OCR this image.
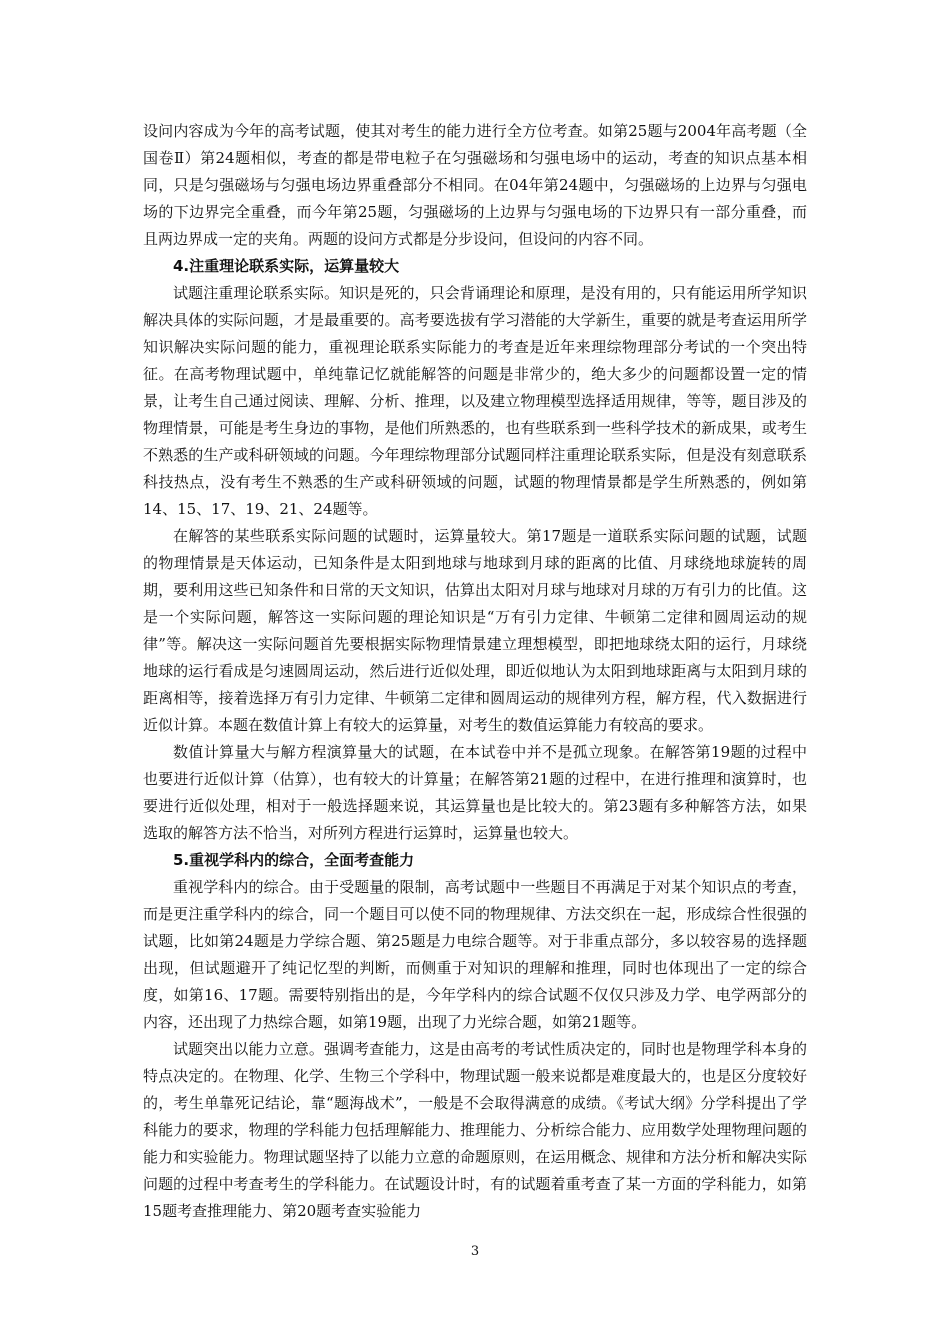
设问内容成为今年的高考试题，使其对考生的能力进行全方位考查。如第25题与2004年高考题（全国卷Ⅱ）第24题相似，考查的都是带电粒子在匀强磁场和匀强电场中的运动，考查的知识点基本相同，只是匀强磁场与匀强电场边界重叠部分不相同。在04年第24题中，匀强磁场的上边界与匀强电场的下边界完全重叠，而今年第25题，匀强磁场的上边界与匀强电场的下边界只有一部分重叠，而且两边界成一定的夹角。两题的设问方式都是分步设问，但设问的内容不同。

4.注重理论联系实际，运算量较大

试题注重理论联系实际。知识是死的，只会背诵理论和原理，是没有用的，只有能运用所学知识解决具体的实际问题，才是最重要的。高考要选拔有学习潜能的大学新生，重要的就是考查运用所学知识解决实际问题的能力，重视理论联系实际能力的考查是近年来理综物理部分考试的一个突出特征。在高考物理试题中，单纯靠记忆就能解答的问题是非常少的，绝大多少的问题都设置一定的情景，让考生自己通过阅读、理解、分析、推理，以及建立物理模型选择适用规律，等等，题目涉及的物理情景，可能是考生身边的事物，是他们所熟悉的，也有些联系到一些科学技术的新成果，或考生不熟悉的生产或科研领域的问题。今年理综物理部分试题同样注重理论联系实际，但是没有刻意联系科技热点，没有考生不熟悉的生产或科研领域的问题，试题的物理情景都是学生所熟悉的，例如第14、15、17、19、21、24题等。

在解答的某些联系实际问题的试题时，运算量较大。第17题是一道联系实际问题的试题，试题的物理情景是天体运动，已知条件是太阳到地球与地球到月球的距离的比值、月球绕地球旋转的周期，要利用这些已知条件和日常的天文知识，估算出太阳对月球与地球对月球的万有引力的比值。这是一个实际问题，解答这一实际问题的理论知识是“万有引力定律、牛顿第二定律和圆周运动的规律”等。解决这一实际问题首先要根据实际物理情景建立理想模型，即把地球绕太阳的运行，月球绕地球的运行看成是匀速圆周运动，然后进行近似处理，即近似地认为太阳到地球距离与太阳到月球的距离相等，接着选择万有引力定律、牛顿第二定律和圆周运动的规律列方程，解方程，代入数据进行近似计算。本题在数值计算上有较大的运算量，对考生的数值运算能力有较高的要求。

数值计算量大与解方程演算量大的试题，在本试卷中并不是孤立现象。在解答第19题的过程中也要进行近似计算（估算），也有较大的计算量；在解答第21题的过程中，在进行推理和演算时，也要进行近似处理，相对于一般选择题来说，其运算量也是比较大的。第23题有多种解答方法，如果选取的解答方法不恰当，对所列方程进行运算时，运算量也较大。

5.重视学科内的综合，全面考查能力

重视学科内的综合。由于受题量的限制，高考试题中一些题目不再满足于对某个知识点的考查，而是更注重学科内的综合，同一个题目可以使不同的物理规律、方法交织在一起，形成综合性很强的试题，比如第24题是力学综合题、第25题是力电综合题等。对于非重点部分，多以较容易的选择题出现，但试题避开了纯记忆型的判断，而侧重于对知识的理解和推理，同时也体现出了一定的综合度，如第16、17题。需要特别指出的是，今年学科内的综合试题不仅仅只涉及力学、电学两部分的内容，还出现了力热综合题，如第19题，出现了力光综合题，如第21题等。

试题突出以能力立意。强调考查能力，这是由高考的考试性质决定的，同时也是物理学科本身的特点决定的。在物理、化学、生物三个学科中，物理试题一般来说都是难度最大的，也是区分度较好的，考生单靠死记结论，靠“题海战术”，一般是不会取得满意的成绩。《考试大纲》分学科提出了学科能力的要求，物理的学科能力包括理解能力、推理能力、分析综合能力、应用数学处理物理问题的能力和实验能力。物理试题坚持了以能力立意的命题原则，在运用概念、规律和方法分析和解决实际问题的过程中考查考生的学科能力。在试题设计时，有的试题着重考查了某一方面的学科能力，如第15题考查推理能力、第20题考查实验能力

3
